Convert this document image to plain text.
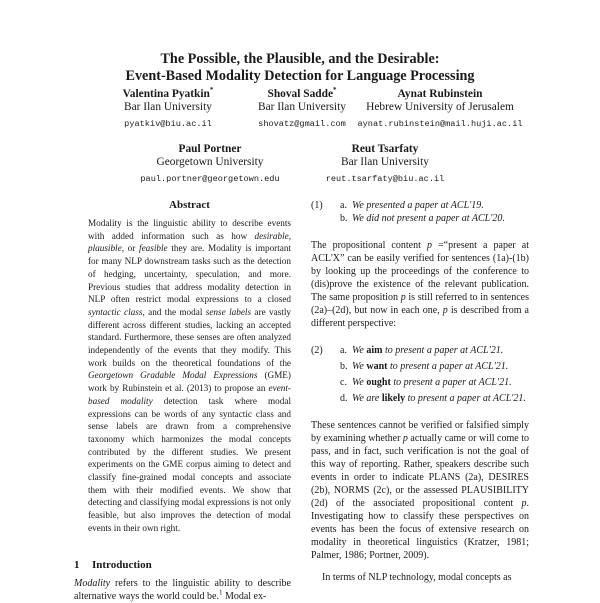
The Possible, the Plausible, and the Desirable:
Event-Based Modality Detection for Language Processing
Valentina Pyatkin*
Bar Ilan University
pyatkiv@biu.ac.il
Shoval Sadde*
Bar Ilan University
shovatz@gmail.com
Aynat Rubinstein
Hebrew University of Jerusalem
aynat.rubinstein@mail.huji.ac.il
Paul Portner
Georgetown University
paul.portner@georgetown.edu
Reut Tsarfaty
Bar Ilan University
reut.tsarfaty@biu.ac.il
Abstract

Modality is the linguistic ability to describe events with added information such as how desirable, plausible, or feasible they are. Modality is important for many NLP downstream tasks such as the detection of hedging, uncertainty, speculation, and more. Previous studies that address modality detection in NLP often restrict modal expressions to a closed syntactic class, and the modal sense labels are vastly different across different studies, lacking an accepted standard. Furthermore, these senses are often analyzed independently of the events that they modify. This work builds on the theoretical foundations of the Georgetown Gradable Modal Expressions (GME) work by Rubinstein et al. (2013) to propose an event-based modality detection task where modal expressions can be words of any syntactic class and sense labels are drawn from a comprehensive taxonomy which harmonizes the modal concepts contributed by the different studies. We present experiments on the GME corpus aiming to detect and classify fine-grained modal concepts and associate them with their modified events. We show that detecting and classifying modal expressions is not only feasible, but also improves the detection of modal events in their own right.

1 Introduction
Modality refers to the linguistic ability to describe alternative ways the world could be.$^1$ Modal ex-
(1) a. We presented a paper at ACL'19.
b. We did not present a paper at ACL'20.

The propositional content p =“present a paper at ACL'X” can be easily verified for sentences (1a)-(1b) by looking up the proceedings of the conference to (dis)prove the existence of the relevant publication. The same proposition p is still referred to in sentences (2a)–(2d), but now in each one, p is described from a different perspective:

(2) a. We aim to present a paper at ACL'21.
b. We want to present a paper at ACL'21.
c. We ought to present a paper at ACL'21.
d. We are likely to present a paper at ACL'21.

These sentences cannot be verified or falsified simply by examining whether p actually came or will come to pass, and in fact, such verification is not the goal of this way of reporting. Rather, speakers describe such events in order to indicate PLANS (2a), DESIRES (2b), NORMS (2c), or the assessed PLAUSIBILITY (2d) of the associated propositional content p. Investigating how to classify these perspectives on events has been the focus of extensive research on modality in theoretical linguistics (Kratzer, 1981; Palmer, 1986; Portner, 2009).

In terms of NLP technology, modal concepts as
